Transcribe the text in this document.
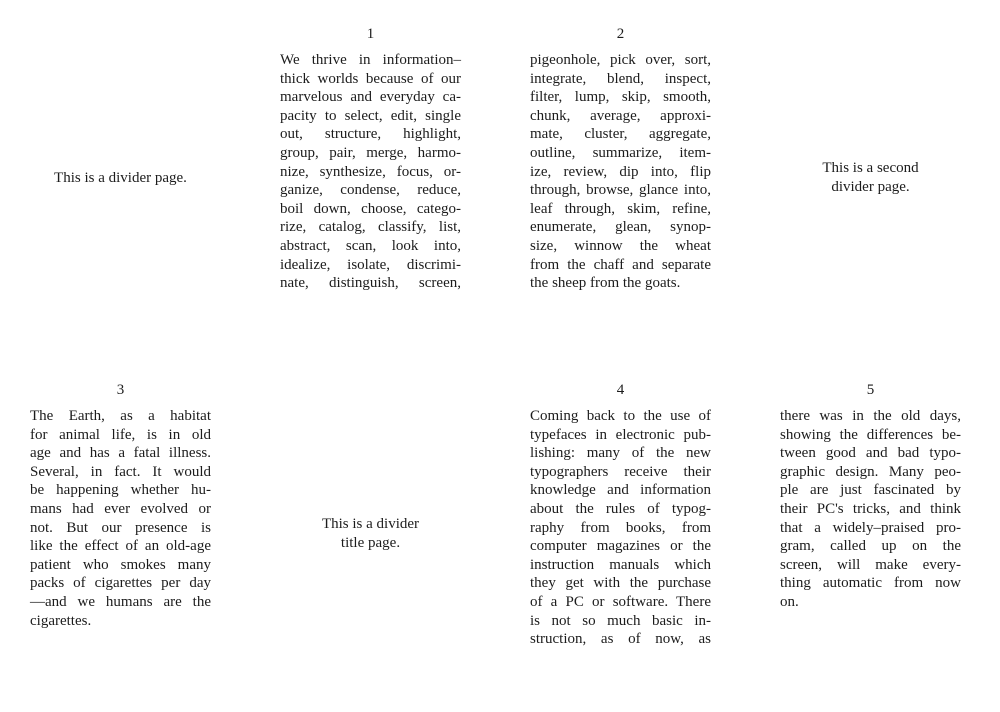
This is a divider page.
1
We thrive in information–
thick worlds because of our
marvelous and everyday ca-
pacity to select, edit, single
out, structure, highlight,
group, pair, merge, harmo-
nize, synthesize, focus, or-
ganize, condense, reduce,
boil down, choose, catego-
rize, catalog, classify, list,
abstract, scan, look into,
idealize, isolate, discrimi-
nate, distinguish, screen,
2
pigeonhole, pick over, sort,
integrate, blend, inspect,
filter, lump, skip, smooth,
chunk, average, approxi-
mate, cluster, aggregate,
outline, summarize, item-
ize, review, dip into, flip
through, browse, glance into,
leaf through, skim, refine,
enumerate, glean, synop-
size, winnow the wheat
from the chaff and separate
the sheep from the goats.
This is a second
divider page.
3
The Earth, as a habitat
for animal life, is in old
age and has a fatal illness.
Several, in fact. It would
be happening whether hu-
mans had ever evolved or
not. But our presence is
like the effect of an old-age
patient who smokes many
packs of cigarettes per day
—and we humans are the
cigarettes.
This is a divider
title page.
4
Coming back to the use of
typefaces in electronic pub-
lishing: many of the new
typographers receive their
knowledge and information
about the rules of typog-
raphy from books, from
computer magazines or the
instruction manuals which
they get with the purchase
of a PC or software. There
is not so much basic in-
struction, as of now, as
5
there was in the old days,
showing the differences be-
tween good and bad typo-
graphic design. Many peo-
ple are just fascinated by
their PC's tricks, and think
that a widely–praised pro-
gram, called up on the
screen, will make every-
thing automatic from now
on.
